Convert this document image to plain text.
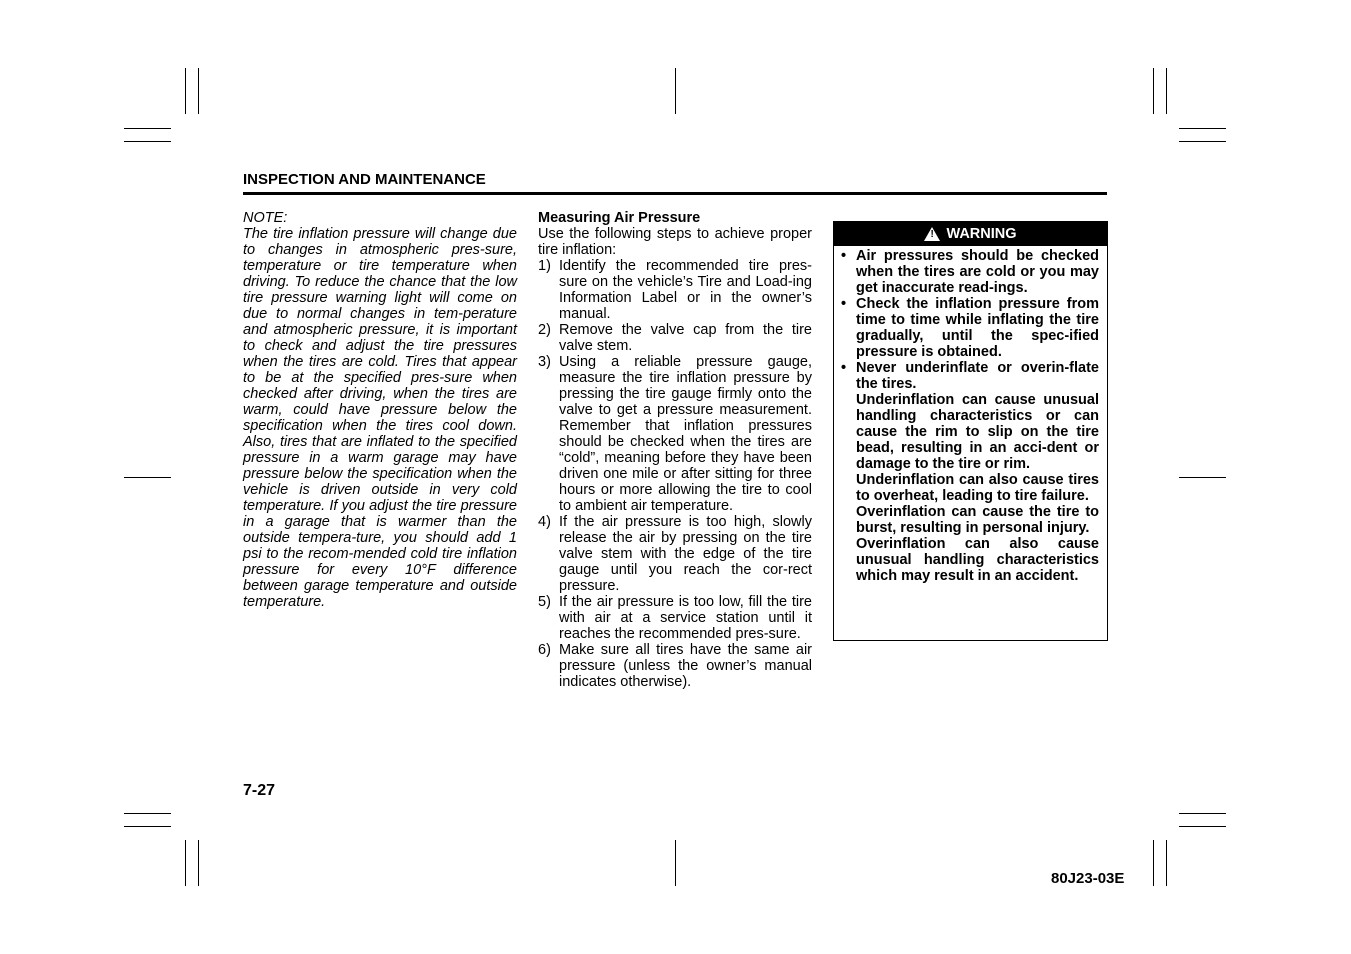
INSPECTION AND MAINTENANCE

NOTE:

The tire inflation pressure will change due to changes in atmospheric pres-sure, temperature or tire temperature when driving. To reduce the chance that the low tire pressure warning light will come on due to normal changes in tem-perature and atmospheric pressure, it is important to check and adjust the tire pressures when the tires are cold. Tires that appear to be at the specified pres-sure when checked after driving, when the tires are warm, could have pressure below the specification when the tires cool down. Also, tires that are inflated to the specified pressure in a warm garage may have pressure below the specification when the vehicle is driven outside in very cold temperature. If you adjust the tire pressure in a garage that is warmer than the outside tempera-ture, you should add 1 psi to the recom-mended cold tire inflation pressure for every 10°F difference between garage temperature and outside temperature.

Measuring Air Pressure

Use the following steps to achieve proper tire inflation:

1) Identify the recommended tire pres-sure on the vehicle’s Tire and Load-ing Information Label or in the owner’s manual.
2) Remove the valve cap from the tire valve stem.
3) Using a reliable pressure gauge, measure the tire inflation pressure by pressing the tire gauge firmly onto the valve to get a pressure measurement. Remember that inflation pressures should be checked when the tires are “cold”, meaning before they have been driven one mile or after sitting for three hours or more allowing the tire to cool to ambient air temperature.
4) If the air pressure is too high, slowly release the air by pressing on the tire valve stem with the edge of the tire gauge until you reach the cor-rect pressure.
5) If the air pressure is too low, fill the tire with air at a service station until it reaches the recommended pres-sure.
6) Make sure all tires have the same air pressure (unless the owner’s manual indicates otherwise).
!
WARNING
• Air pressures should be checked when the tires are cold or you may get inaccurate read-ings.
• Check the inflation pressure from time to time while inflating the tire gradually, until the spec-ified pressure is obtained.
• Never underinflate or overin-flate the tires.

Underinflation can cause unusual handling characteristics or can cause the rim to slip on the tire bead, resulting in an acci-dent or damage to the tire or rim.

Underinflation can also cause tires to overheat, leading to tire failure.

Overinflation can cause the tire to burst, resulting in personal injury.

Overinflation can also cause unusual handling characteristics which may result in an accident.

7-27
80J23-03E
